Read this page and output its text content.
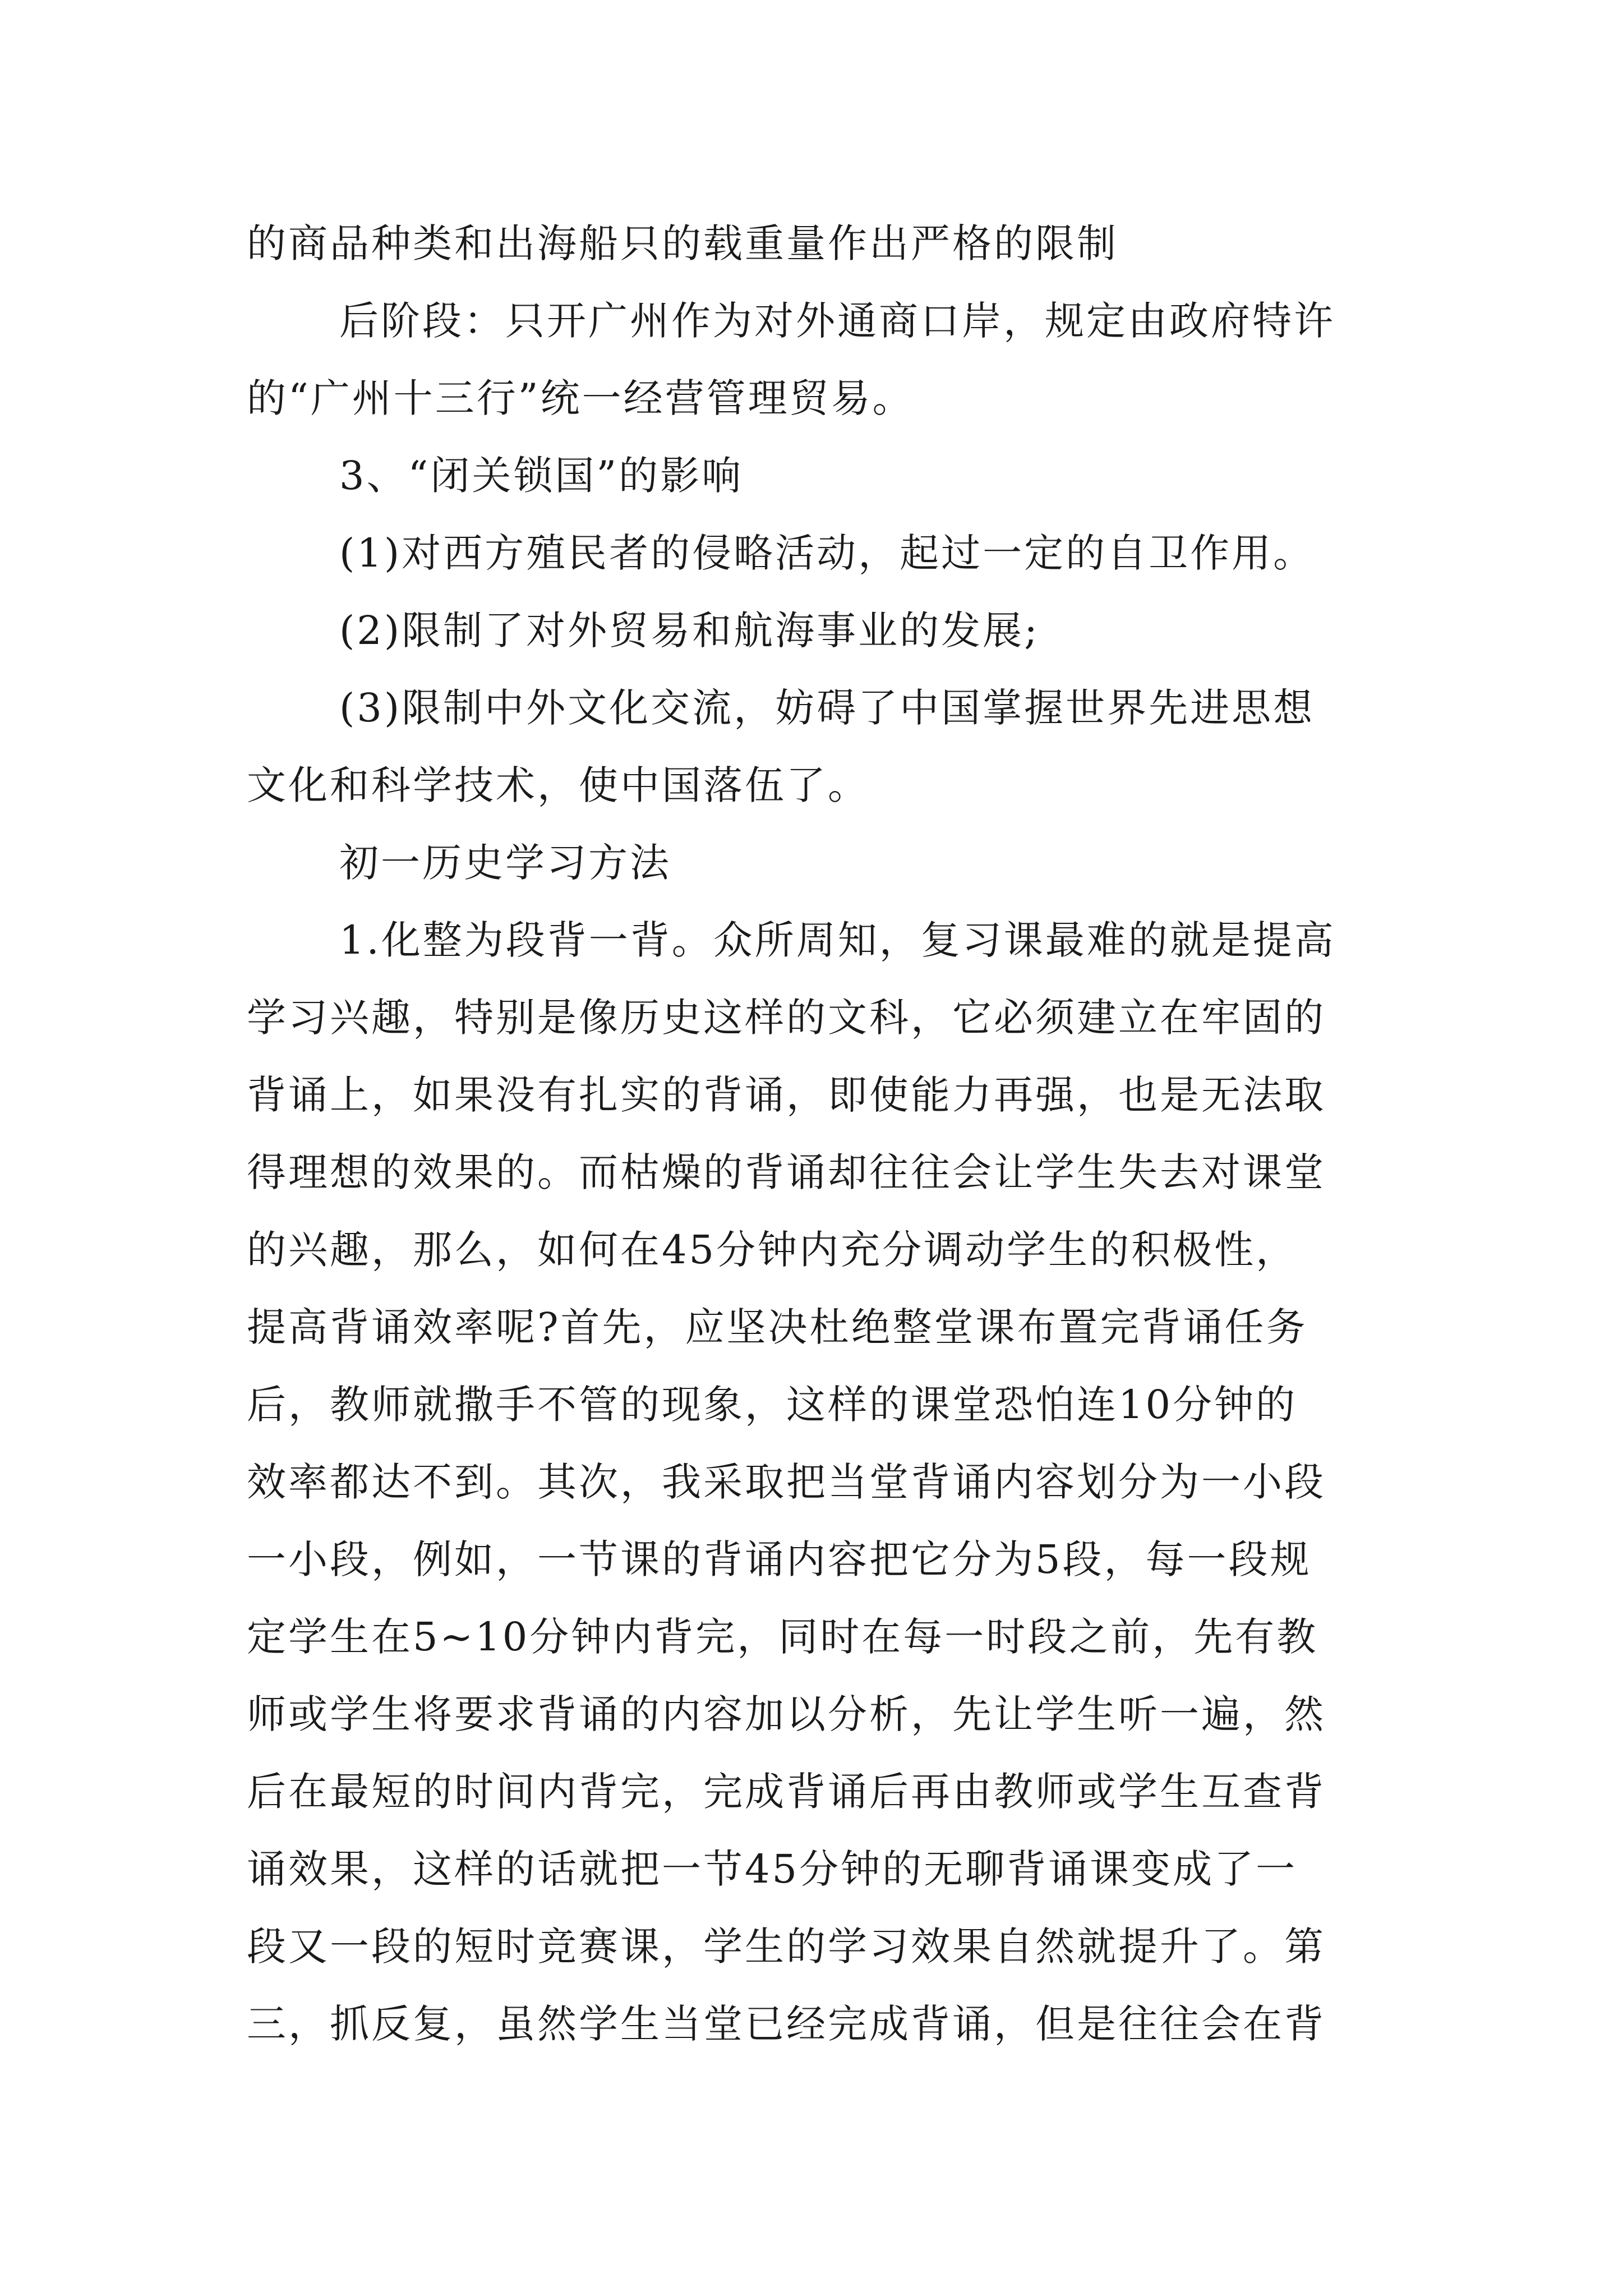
的商品种类和出海船只的载重量作出严格的限制
后阶段：只开广州作为对外通商口岸，规定由政府特许
的“广州十三行”统一经营管理贸易。
3、“闭关锁国”的影响
(1)对西方殖民者的侵略活动，起过一定的自卫作用。
(2)限制了对外贸易和航海事业的发展;
(3)限制中外文化交流，妨碍了中国掌握世界先进思想
文化和科学技术，使中国落伍了。
初一历史学习方法
1.化整为段背一背。众所周知，复习课最难的就是提高
学习兴趣，特别是像历史这样的文科，它必须建立在牢固的
背诵上，如果没有扎实的背诵，即使能力再强，也是无法取
得理想的效果的。而枯燥的背诵却往往会让学生失去对课堂
的兴趣，那么，如何在45分钟内充分调动学生的积极性，
提高背诵效率呢?首先，应坚决杜绝整堂课布置完背诵任务
后，教师就撒手不管的现象，这样的课堂恐怕连10分钟的
效率都达不到。其次，我采取把当堂背诵内容划分为一小段
一小段，例如，一节课的背诵内容把它分为5段，每一段规
定学生在5~10分钟内背完，同时在每一时段之前，先有教
师或学生将要求背诵的内容加以分析，先让学生听一遍，然
后在最短的时间内背完，完成背诵后再由教师或学生互查背
诵效果，这样的话就把一节45分钟的无聊背诵课变成了一
段又一段的短时竞赛课，学生的学习效果自然就提升了。第
三，抓反复，虽然学生当堂已经完成背诵，但是往往会在背
